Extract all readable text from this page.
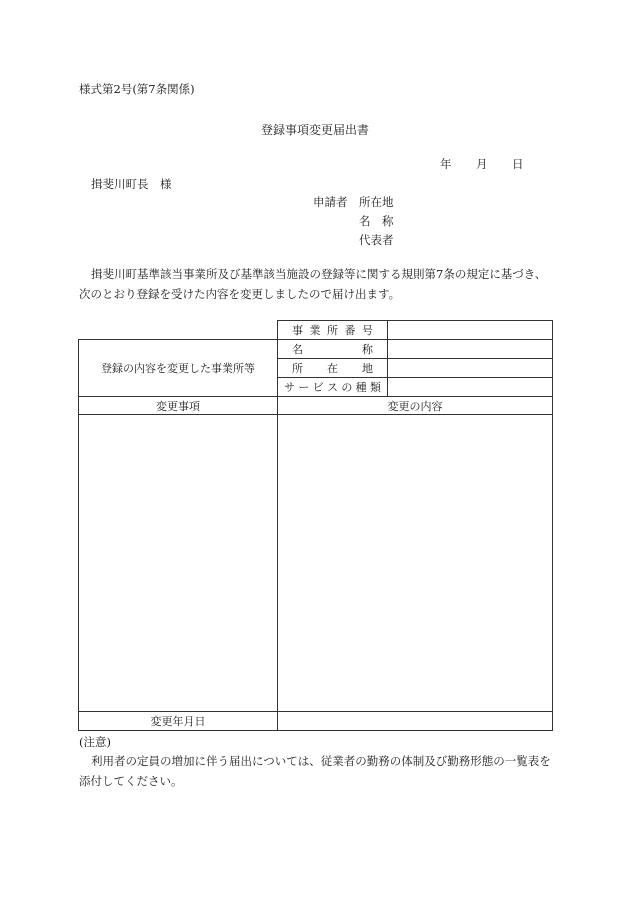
様式第2号(第7条関係)
登録事項変更届出書
年 月 日
揖斐川町長　様
申請者	所在地
名　称
代表者
揖斐川町基準該当事業所及び基準該当施設の登録等に関する規則第7条の規定に基づき、次のとおり登録を受けた内容を変更しましたので届け出ます。
	事業所番号	
登録の内容を変更した事業所等	名称	
	所在地	
	サービスの種類	
変更事項	変更の内容	

変更年月日		
(注意)
利用者の定員の増加に伴う届出については、従業者の勤務の体制及び勤務形態の一覧表を添付してください。
